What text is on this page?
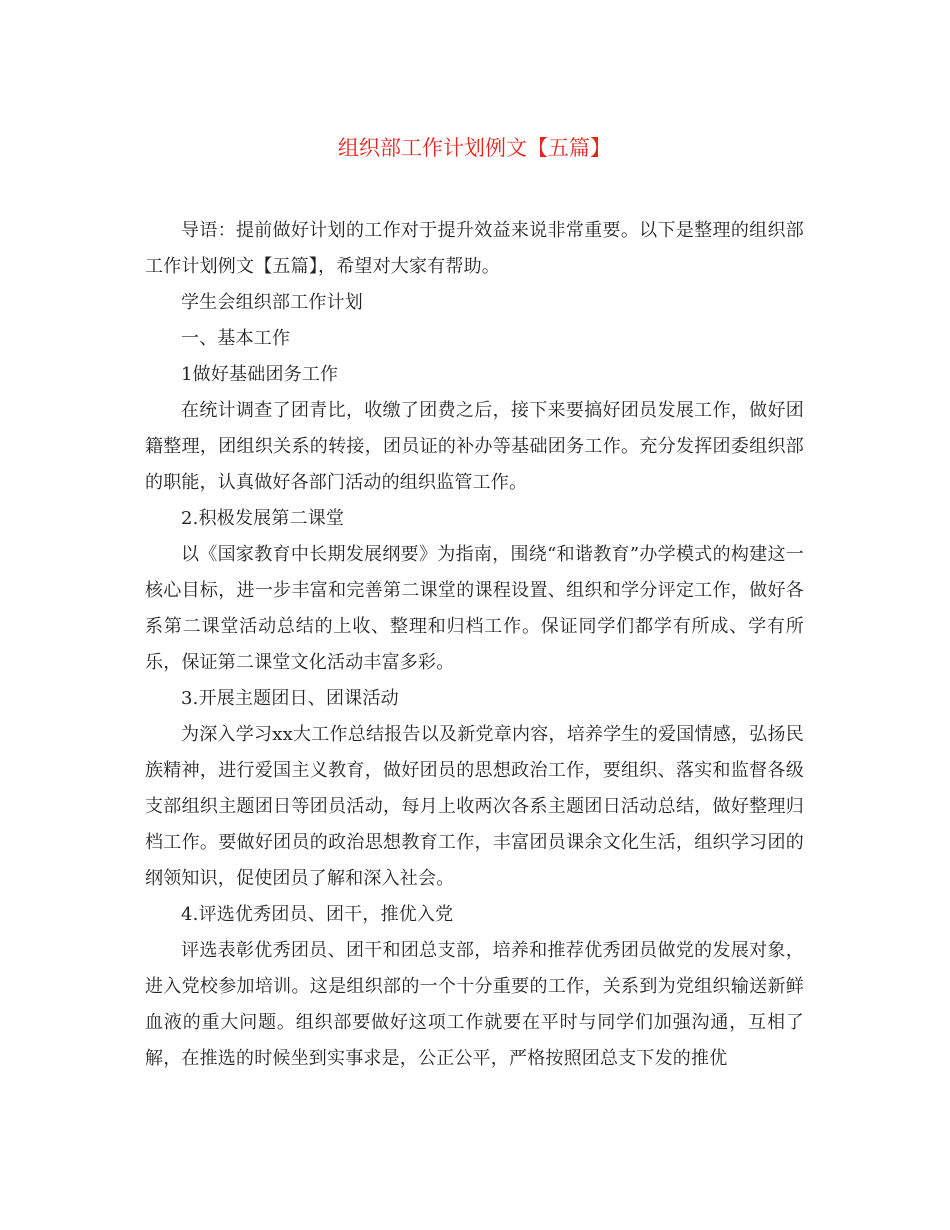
组织部工作计划例文【五篇】

导语：提前做好计划的工作对于提升效益来说非常重要。以下是整理的组织部工作计划例文【五篇】，希望对大家有帮助。

学生会组织部工作计划

一、基本工作

1做好基础团务工作

在统计调查了团青比，收缴了团费之后，接下来要搞好团员发展工作，做好团籍整理，团组织关系的转接，团员证的补办等基础团务工作。充分发挥团委组织部的职能，认真做好各部门活动的组织监管工作。

2.积极发展第二课堂

以《国家教育中长期发展纲要》为指南，围绕“和谐教育”办学模式的构建这一核心目标，进一步丰富和完善第二课堂的课程设置、组织和学分评定工作，做好各系第二课堂活动总结的上收、整理和归档工作。保证同学们都学有所成、学有所乐，保证第二课堂文化活动丰富多彩。

3.开展主题团日、团课活动

为深入学习xx大工作总结报告以及新党章内容，培养学生的爱国情感，弘扬民族精神，进行爱国主义教育，做好团员的思想政治工作，要组织、落实和监督各级支部组织主题团日等团员活动，每月上收两次各系主题团日活动总结，做好整理归档工作。要做好团员的政治思想教育工作，丰富团员课余文化生活，组织学习团的纲领知识，促使团员了解和深入社会。

4.评选优秀团员、团干，推优入党

评选表彰优秀团员、团干和团总支部，培养和推荐优秀团员做党的发展对象，进入党校参加培训。这是组织部的一个十分重要的工作，关系到为党组织输送新鲜血液的重大问题。组织部要做好这项工作就要在平时与同学们加强沟通，互相了解，在推选的时候坐到实事求是，公正公平，严格按照团总支下发的推优
